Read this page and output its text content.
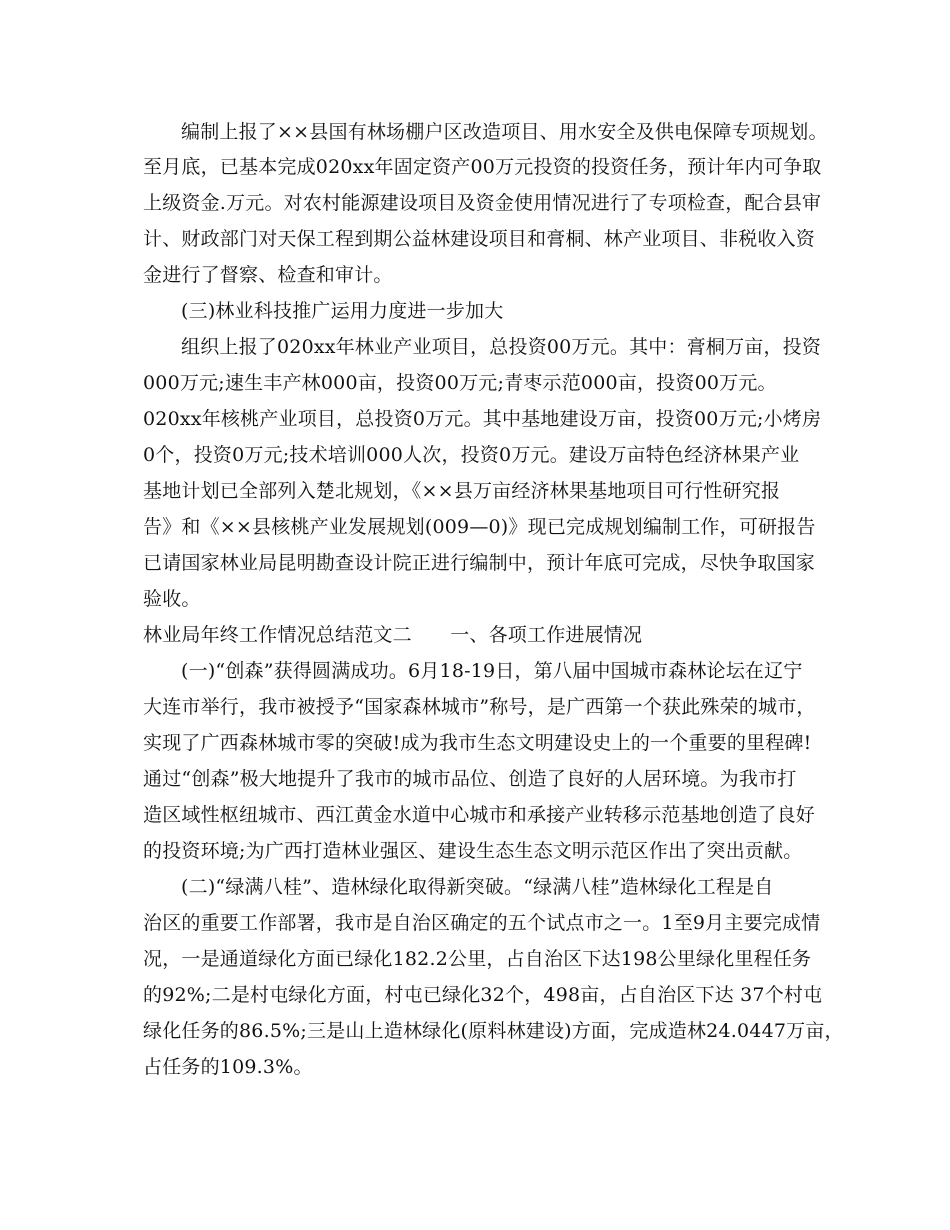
编制上报了××县国有林场棚户区改造项目、用水安全及供电保障专项规划。
至月底，已基本完成020xx年固定资产00万元投资的投资任务，预计年内可争取
上级资金.万元。对农村能源建设项目及资金使用情况进行了专项检查，配合县审
计、财政部门对天保工程到期公益林建设项目和膏桐、林产业项目、非税收入资
金进行了督察、检查和审计。
(三)林业科技推广运用力度进一步加大
组织上报了020xx年林业产业项目，总投资00万元。其中：膏桐万亩，投资
000万元;速生丰产林000亩，投资00万元;青枣示范000亩，投资00万元。
020xx年核桃产业项目，总投资0万元。其中基地建设万亩，投资00万元;小烤房
0个，投资0万元;技术培训000人次，投资0万元。建设万亩特色经济林果产业
基地计划已全部列入楚北规划，《××县万亩经济林果基地项目可行性研究报
告》和《××县核桃产业发展规划(009—0)》现已完成规划编制工作，可研报告
已请国家林业局昆明勘查设计院正进行编制中，预计年底可完成，尽快争取国家
验收。
林业局年终工作情况总结范文二　　一、各项工作进展情况
(一)“创森”获得圆满成功。6月18-19日，第八届中国城市森林论坛在辽宁
大连市举行，我市被授予“国家森林城市”称号，是广西第一个获此殊荣的城市，
实现了广西森林城市零的突破!成为我市生态文明建设史上的一个重要的里程碑!
通过“创森”极大地提升了我市的城市品位、创造了良好的人居环境。为我市打
造区域性枢纽城市、西江黄金水道中心城市和承接产业转移示范基地创造了良好
的投资环境;为广西打造林业强区、建设生态生态文明示范区作出了突出贡献。
(二)“绿满八桂”、造林绿化取得新突破。“绿满八桂”造林绿化工程是自
治区的重要工作部署，我市是自治区确定的五个试点市之一。1至9月主要完成情
况，一是通道绿化方面已绿化182.2公里，占自治区下达198公里绿化里程任务
的92%;二是村屯绿化方面，村屯已绿化32个，498亩，占自治区下达 37个村屯
绿化任务的86.5%;三是山上造林绿化(原料林建设)方面，完成造林24.0447万亩，
占任务的109.3%。
